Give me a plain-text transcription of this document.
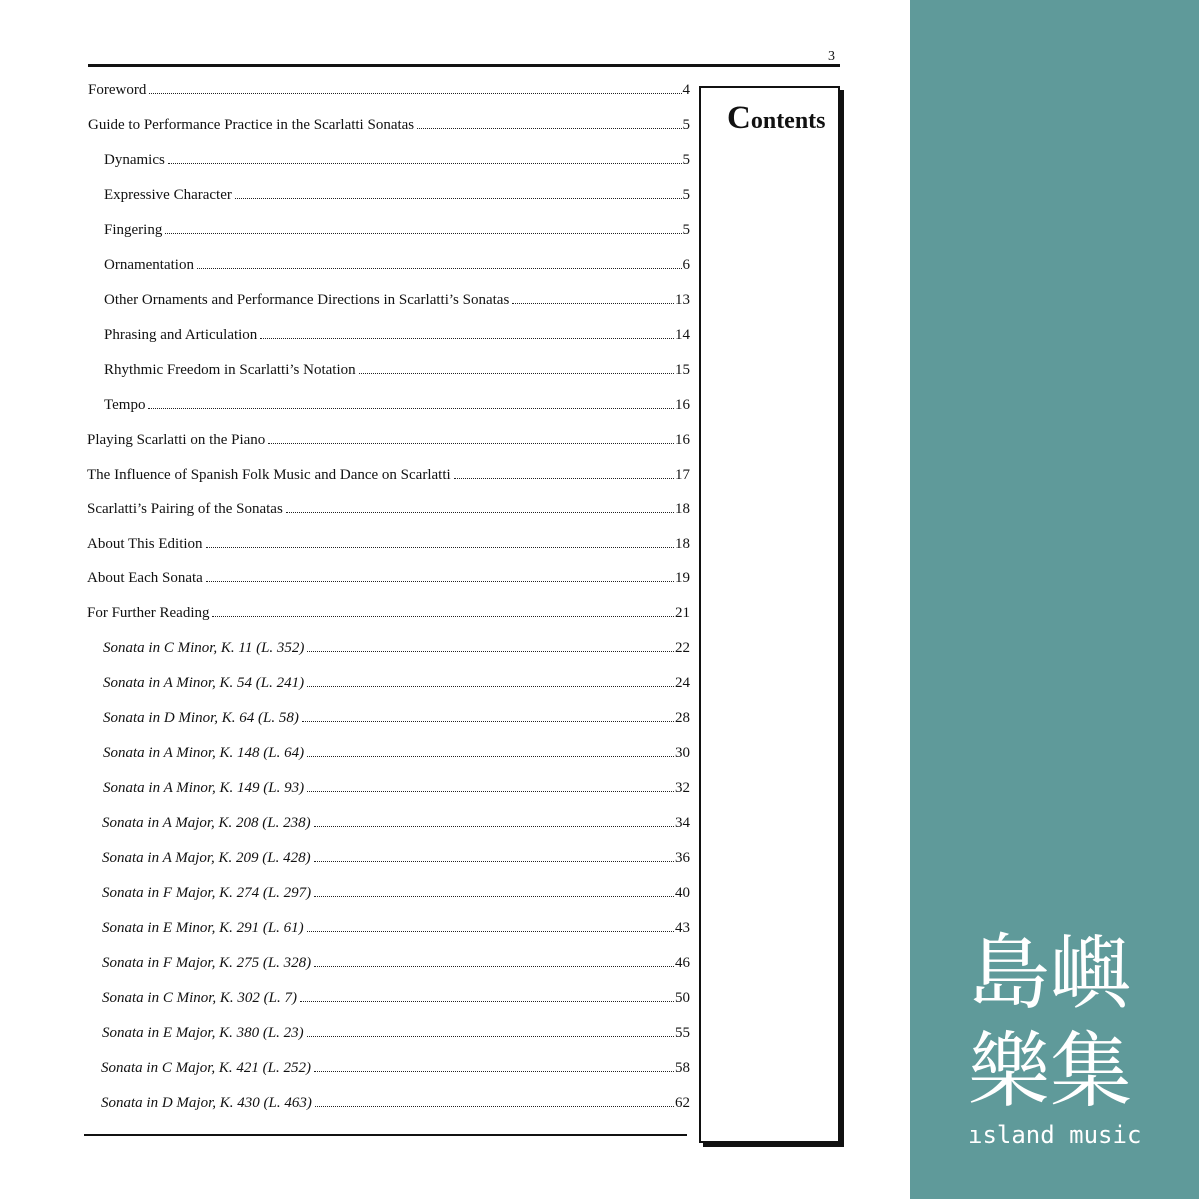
3
Foreword	4
Guide to Performance Practice in the Scarlatti Sonatas	5
Dynamics	5
Expressive Character	5
Fingering	5
Ornamentation	6
Other Ornaments and Performance Directions in Scarlatti’s Sonatas	13
Phrasing and Articulation	14
Rhythmic Freedom in Scarlatti’s Notation	15
Tempo	16
Playing Scarlatti on the Piano	16
The Influence of Spanish Folk Music and Dance on Scarlatti	17
Scarlatti’s Pairing of the Sonatas	18
About This Edition	18
About Each Sonata	19
For Further Reading	21
Sonata in C Minor, K. 11 (L. 352)	22
Sonata in A Minor, K. 54 (L. 241)	24
Sonata in D Minor, K. 64 (L. 58)	28
Sonata in A Minor, K. 148 (L. 64)	30
Sonata in A Minor, K. 149 (L. 93)	32
Sonata in A Major, K. 208 (L. 238)	34
Sonata in A Major, K. 209 (L. 428)	36
Sonata in F Major, K. 274 (L. 297)	40
Sonata in E Minor, K. 291 (L. 61)	43
Sonata in F Major, K. 275 (L. 328)	46
Sonata in C Minor, K. 302 (L. 7)	50
Sonata in E Major, K. 380 (L. 23)	55
Sonata in C Major, K. 421 (L. 252)	58
Sonata in D Major, K. 430 (L. 463)	62
Contents
島嶼
樂集
ısland music
